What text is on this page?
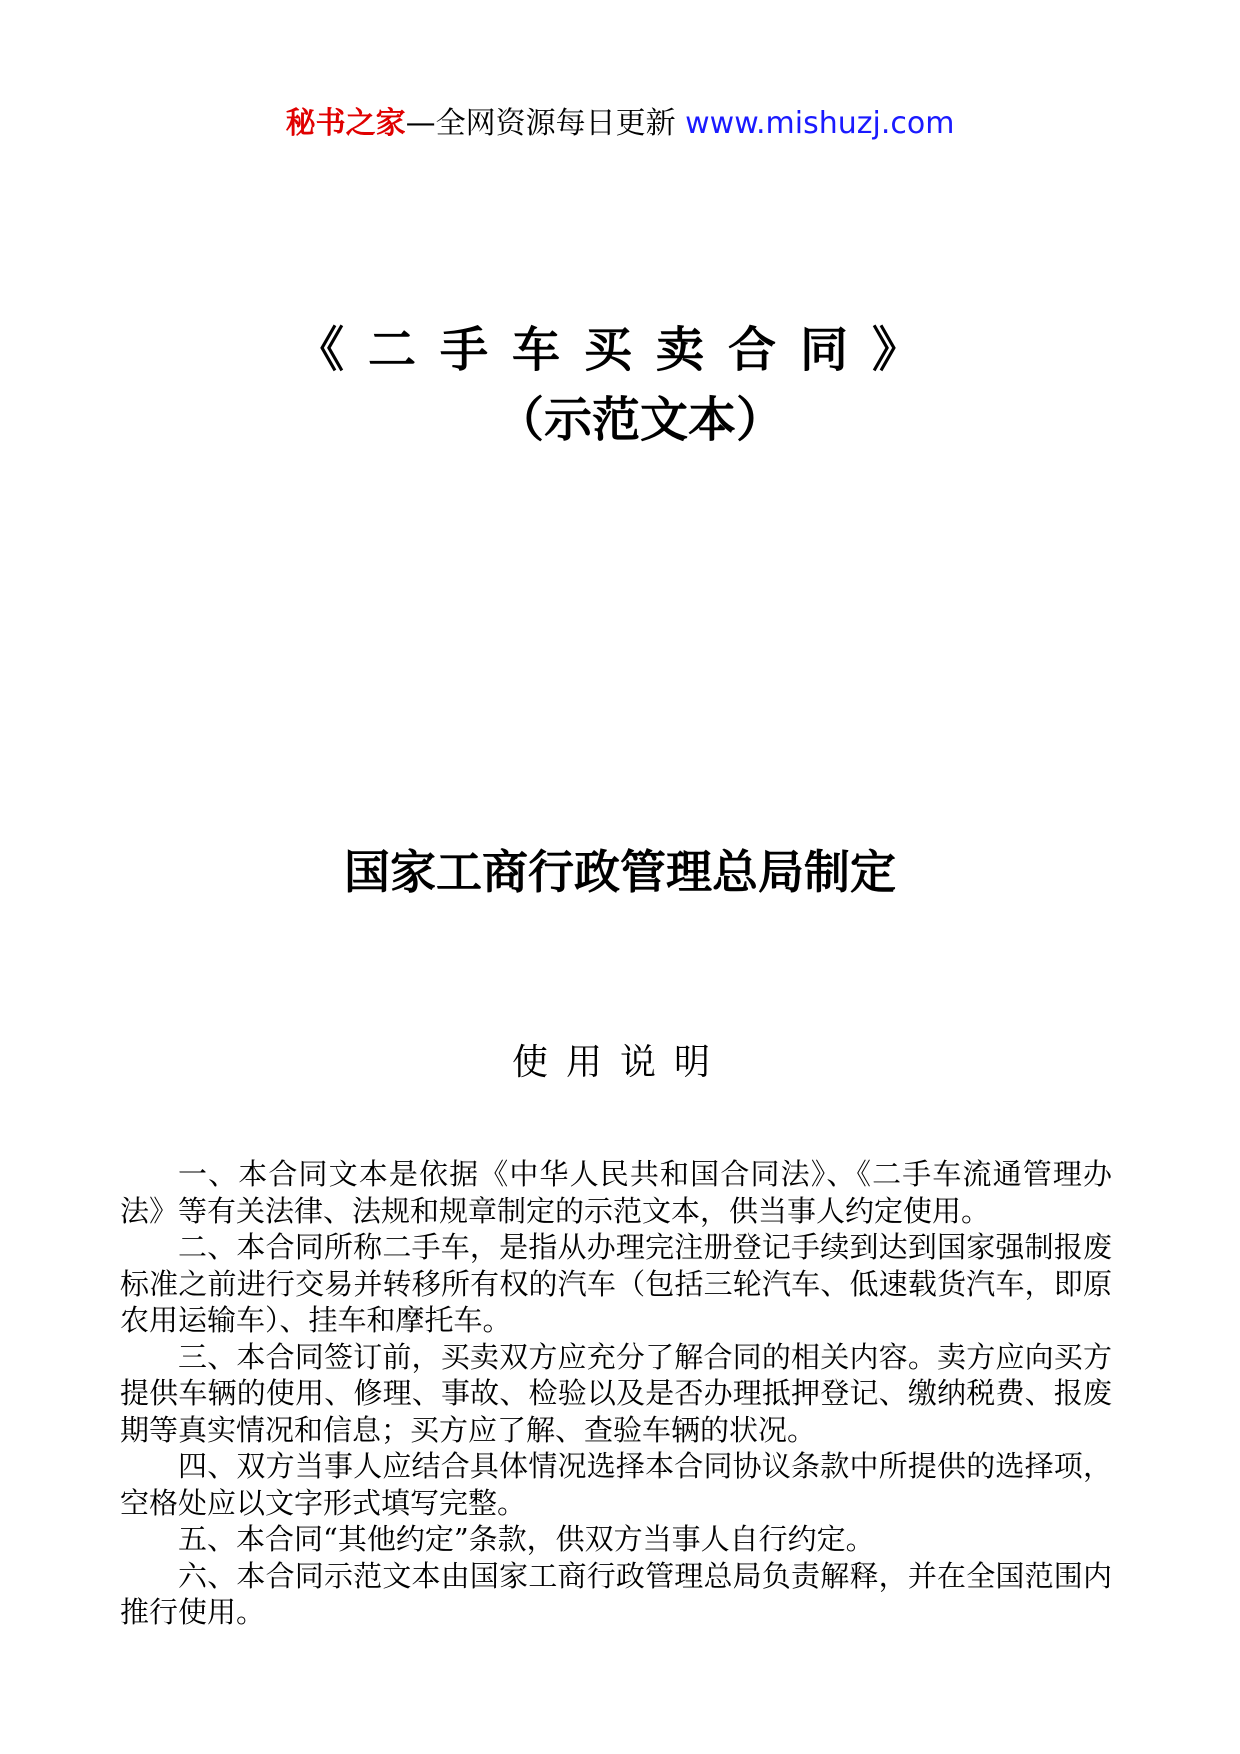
秘书之家—全网资源每日更新 www.mishuzj.com
《二手车买卖合同》
（示范文本）
国家工商行政管理总局制定
使用说明

一、本合同文本是依据《中华人民共和国合同法》、《二手车流通管理办法》等有关法律、法规和规章制定的示范文本，供当事人约定使用。

二、本合同所称二手车，是指从办理完注册登记手续到达到国家强制报废标准之前进行交易并转移所有权的汽车（包括三轮汽车、低速载货汽车，即原农用运输车）、挂车和摩托车。

三、本合同签订前，买卖双方应充分了解合同的相关内容。卖方应向买方提供车辆的使用、修理、事故、检验以及是否办理抵押登记、缴纳税费、报废期等真实情况和信息；买方应了解、查验车辆的状况。

四、双方当事人应结合具体情况选择本合同协议条款中所提供的选择项，空格处应以文字形式填写完整。

五、本合同“其他约定”条款，供双方当事人自行约定。

六、本合同示范文本由国家工商行政管理总局负责解释，并在全国范围内推行使用。
